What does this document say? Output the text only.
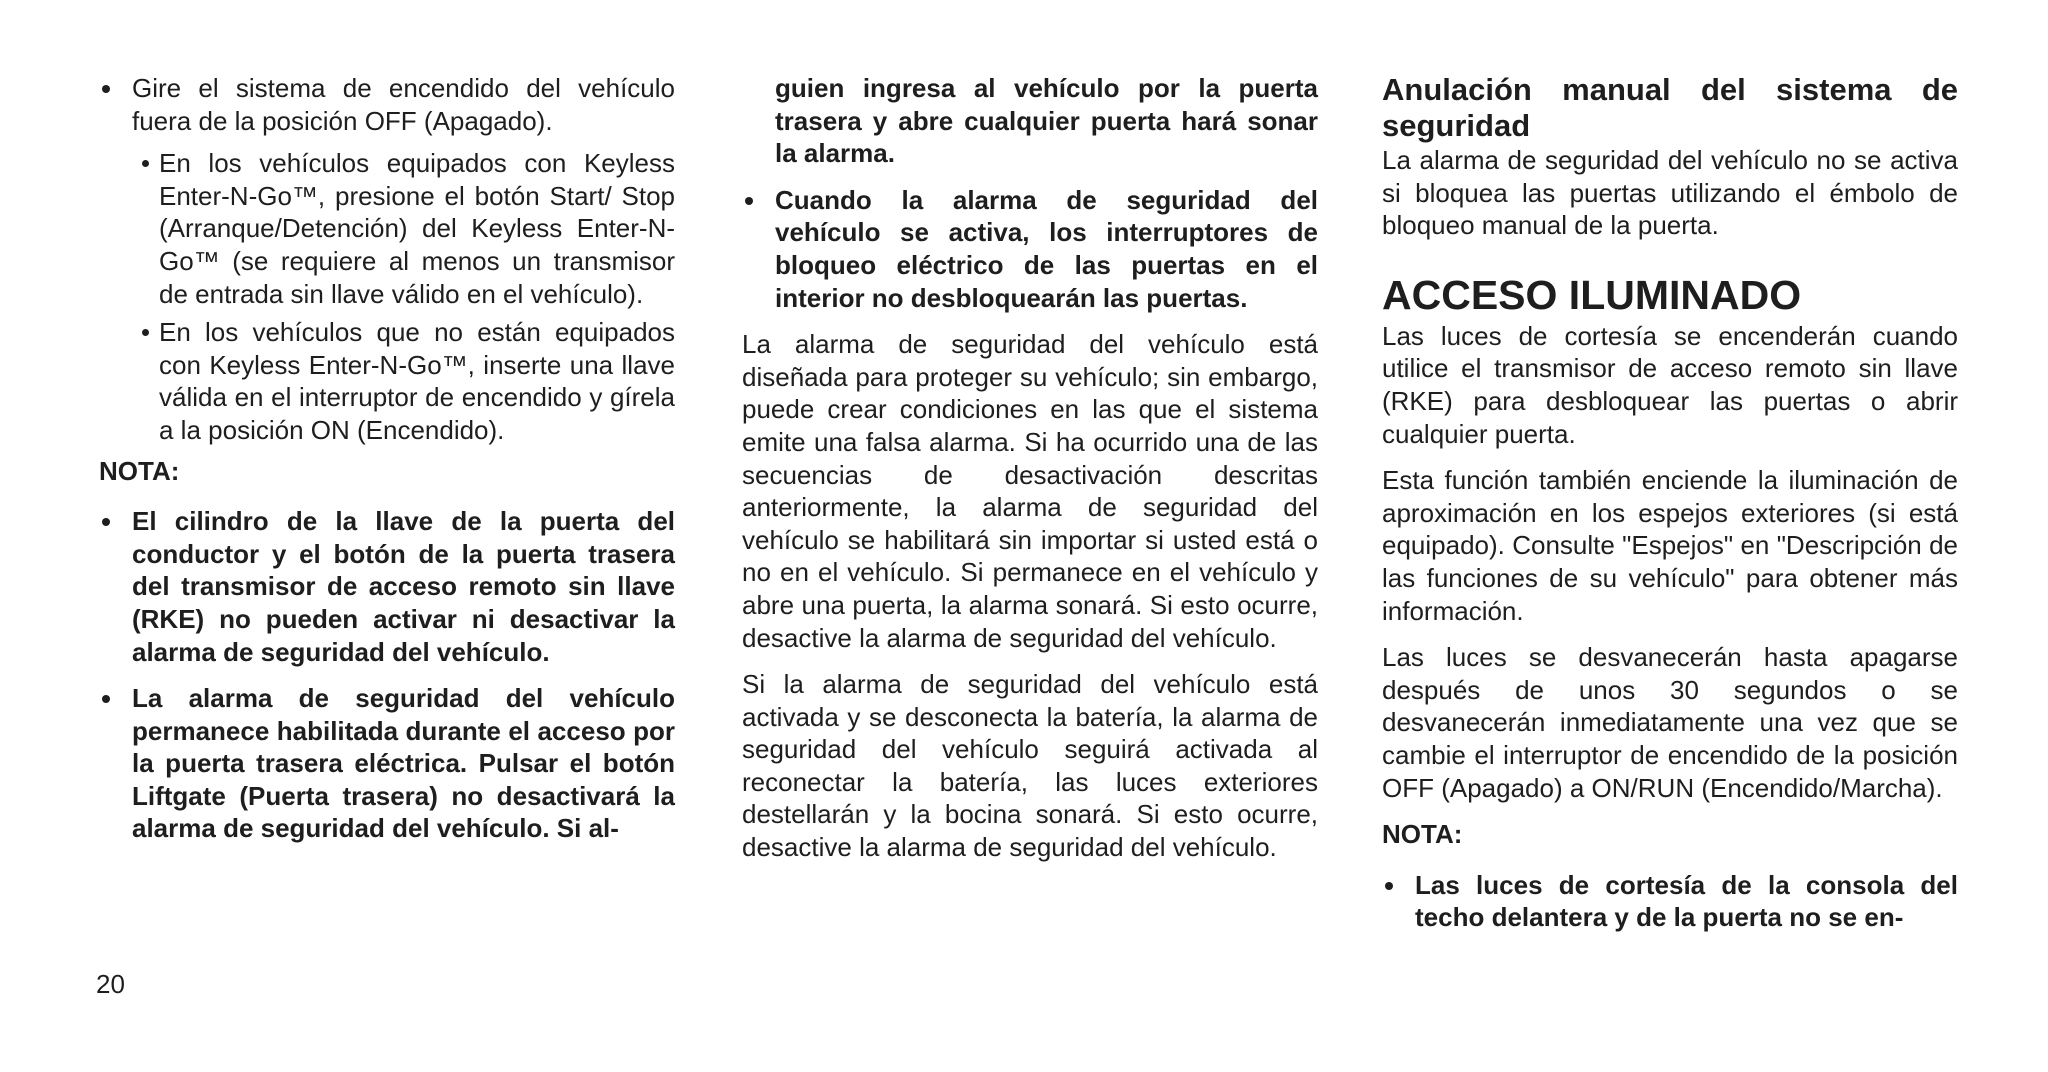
Gire el sistema de encendido del vehículo fuera de la posición OFF (Apagado).

En los vehículos equipados con Keyless Enter-N-Go™, presione el botón Start/ Stop (Arranque/Detención) del Keyless Enter-N-Go™ (se requiere al menos un transmisor de entrada sin llave válido en el vehículo).

En los vehículos que no están equipados con Keyless Enter-N-Go™, inserte una llave válida en el interruptor de encendido y gírela a la posición ON (Encendido).

NOTA:

El cilindro de la llave de la puerta del conductor y el botón de la puerta trasera del transmisor de acceso remoto sin llave (RKE) no pueden activar ni desactivar la alarma de seguridad del vehículo.

La alarma de seguridad del vehículo permanece habilitada durante el acceso por la puerta trasera eléctrica. Pulsar el botón Liftgate (Puerta trasera) no desactivará la alarma de seguridad del vehículo. Si al-

guien ingresa al vehículo por la puerta trasera y abre cualquier puerta hará sonar la alarma.

Cuando la alarma de seguridad del vehículo se activa, los interruptores de bloqueo eléctrico de las puertas en el interior no desbloquearán las puertas.

La alarma de seguridad del vehículo está diseñada para proteger su vehículo; sin embargo, puede crear condiciones en las que el sistema emite una falsa alarma. Si ha ocurrido una de las secuencias de desactivación descritas anteriormente, la alarma de seguridad del vehículo se habilitará sin importar si usted está o no en el vehículo. Si permanece en el vehículo y abre una puerta, la alarma sonará. Si esto ocurre, desactive la alarma de seguridad del vehículo.

Si la alarma de seguridad del vehículo está activada y se desconecta la batería, la alarma de seguridad del vehículo seguirá activada al reconectar la batería, las luces exteriores destellarán y la bocina sonará. Si esto ocurre, desactive la alarma de seguridad del vehículo.

Anulación manual del sistema de seguridad

La alarma de seguridad del vehículo no se activa si bloquea las puertas utilizando el émbolo de bloqueo manual de la puerta.

ACCESO ILUMINADO

Las luces de cortesía se encenderán cuando utilice el transmisor de acceso remoto sin llave (RKE) para desbloquear las puertas o abrir cualquier puerta.

Esta función también enciende la iluminación de aproximación en los espejos exteriores (si está equipado). Consulte "Espejos" en "Descripción de las funciones de su vehículo" para obtener más información.

Las luces se desvanecerán hasta apagarse después de unos 30 segundos o se desvanecerán inmediatamente una vez que se cambie el interruptor de encendido de la posición OFF (Apagado) a ON/RUN (Encendido/Marcha).

NOTA:

Las luces de cortesía de la consola del techo delantera y de la puerta no se en-

20
